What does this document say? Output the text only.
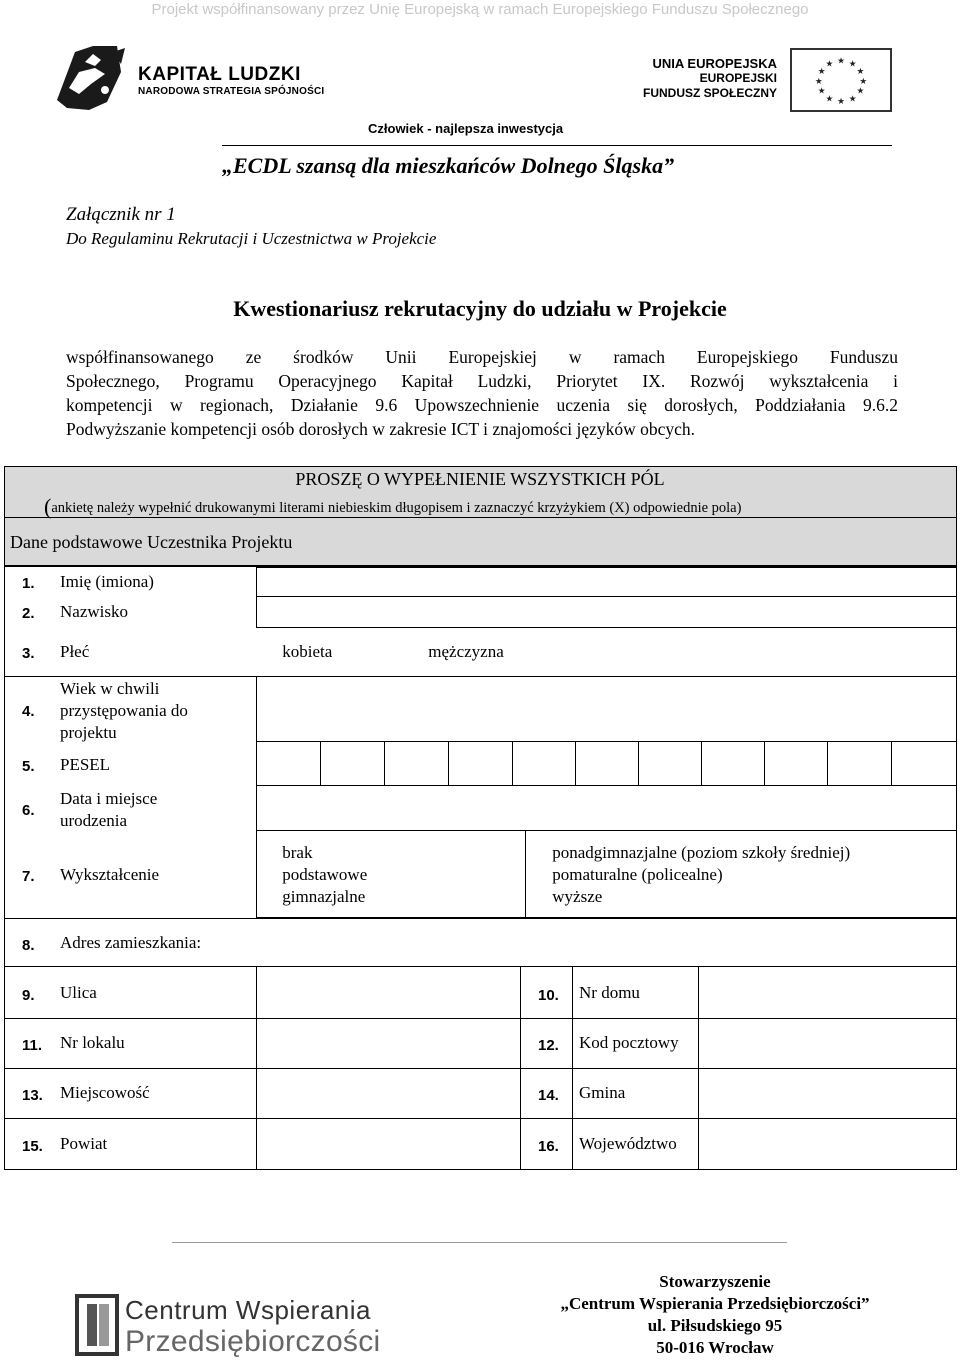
Projekt współfinansowany przez Unię Europejską w ramach Europejskiego Funduszu Społecznego
KAPITAŁ LUDZKI
NARODOWA STRATEGIA SPÓJNOŚCI
UNIA EUROPEJSKA
EUROPEJSKI
FUNDUSZ SPOŁECZNY
★ ★
★
★
★
★
★
★
★
★
★
★
Człowiek - najlepsza inwestycja
„ECDL szansą dla mieszkańców Dolnego Śląska”
Załącznik nr 1
Do Regulaminu Rekrutacji i Uczestnictwa w Projekcie
Kwestionariusz rekrutacyjny do udziału w Projekcie
współfinansowanego ze środków Unii Europejskiej w ramach Europejskiego Funduszu
Społecznego, Programu Operacyjnego Kapitał Ludzki, Priorytet IX. Rozwój wykształcenia i
kompetencji w regionach, Działanie 9.6 Upowszechnienie uczenia się dorosłych, Poddziałania 9.6.2
Podwyższanie kompetencji osób dorosłych w zakresie ICT i znajomości języków obcych.
PROSZĘ O WYPEŁNIENIE WSZYSTKICH PÓL
(ankietę należy wypełnić drukowanymi literami niebieskim długopisem i zaznaczyć krzyżykiem (X) odpowiednie pola)
Dane podstawowe Uczestnika Projektu
1. Imię (imiona)
2. Nazwisko
3. Płeć	kobieta	mężczyzna
4.
Wiek w chwili przystępowania do projektu
5. PESEL
6.
Data i miejsce urodzenia
7. Wykształcenie
brak
podstawowe
gimnazjalne
ponadgimnazjalne (poziom szkoły średniej)
pomaturalne (policealne)
wyższe
8. Adres zamieszkania:
9. Ulica	10. Nr domu
11. Nr lokalu	12. Kod pocztowy
13. Miejscowość	14. Gmina
15. Powiat	16. Województwo
Centrum Wspierania
Przedsiębiorczości
Stowarzyszenie
„Centrum Wspierania Przedsiębiorczości”
ul. Piłsudskiego 95
50-016 Wrocław
